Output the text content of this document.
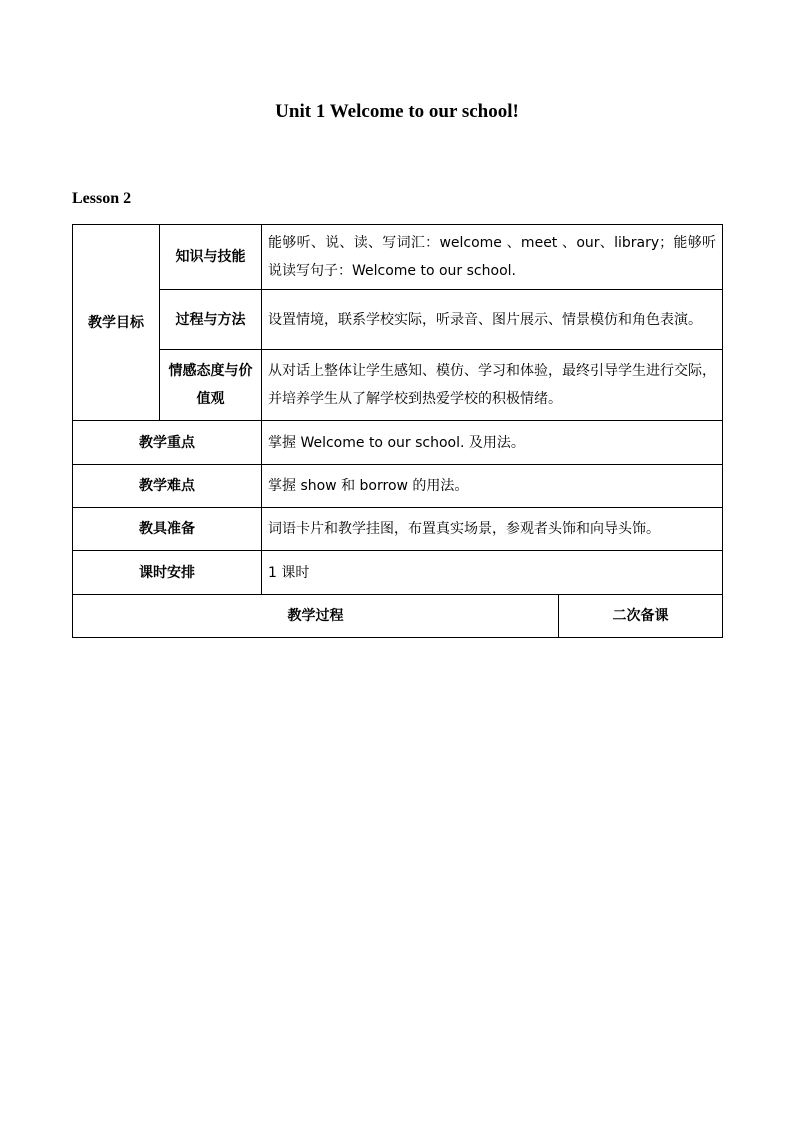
Unit 1 Welcome to our school!
Lesson 2
教学目标	知识与技能	能够听、说、读、写词汇：welcome 、meet 、our、library；能够听说读写句子：Welcome to our school.	
	过程与方法	设置情境，联系学校实际，听录音、图片展示、情景模仿和角色表演。	
	情感态度与价值观	从对话上整体让学生感知、模仿、学习和体验，最终引导学生进行交际，并培养学生从了解学校到热爱学校的积极情绪。	
教学重点		掌握 Welcome to our school. 及用法。	
教学难点		掌握 show 和 borrow 的用法。	
教具准备		词语卡片和教学挂图，布置真实场景，参观者头饰和向导头饰。	
课时安排		1 课时	
教学过程			二次备课
